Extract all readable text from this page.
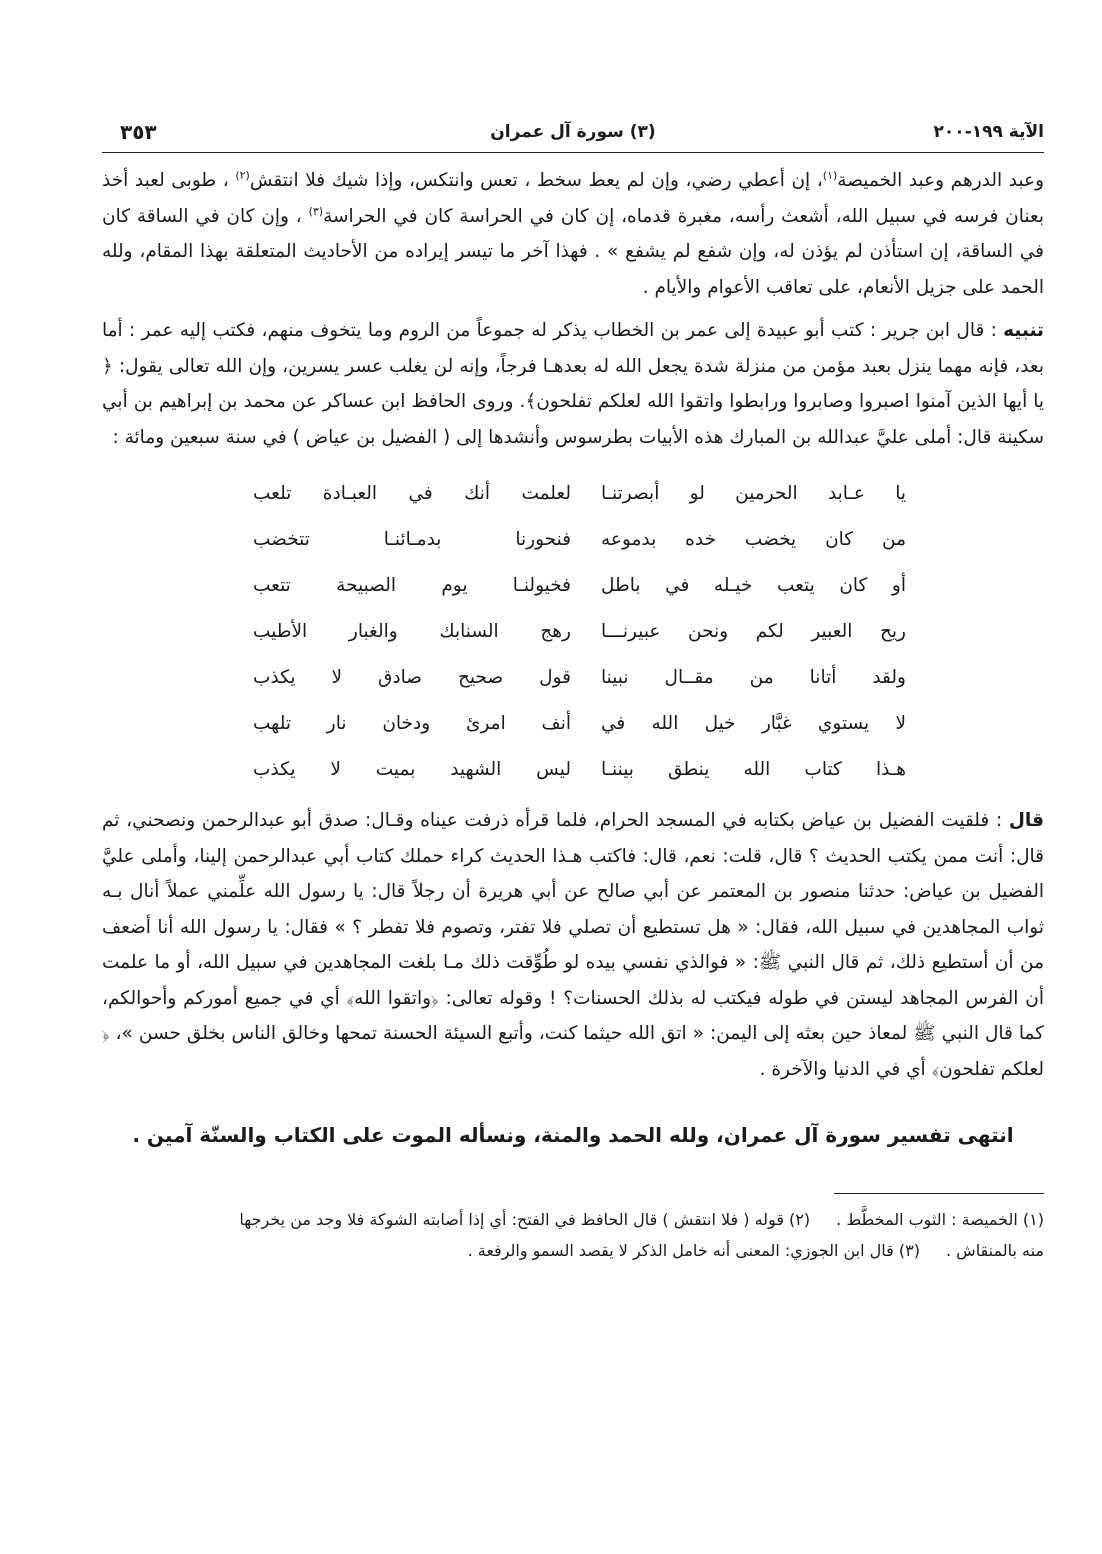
الآية ١٩٩-٢٠٠
(٣) سورة آل عمران
٣٥٣

وعبد الدرهم وعبد الخميصة$^{(١)}$، إن أعطي رضي، وإن لم يعط سخط ، تعس وانتكس، وإذا شيك فلا انتقش$^{(٢)}$ ، طوبى لعبد أخذ بعنان فرسه في سبيل الله، أشعث رأسه، مغبرة قدماه، إن كان في الحراسة كان في الحراسة$^{(٣)}$ ، وإن كان في الساقة كان في الساقة، إن استأذن لم يؤذن له، وإن شفع لم يشفع » . فهذا آخر ما تيسر إيراده من الأحاديث المتعلقة بهذا المقام، ولله الحمد على جزيل الأنعام، على تعاقب الأعوام والأيام .

تنبيه : قال ابن جرير : كتب أبو عبيدة إلى عمر بن الخطاب يذكر له جموعاً من الروم وما يتخوف منهم، فكتب إليه عمر : أما بعد، فإنه مهما ينزل بعبد مؤمن من منزلة شدة يجعل الله له بعدهـا فرجاً، وإنه لن يغلب عسر يسرين، وإن الله تعالى يقول: ﴿ يا أيها الذين آمنوا اصبروا وصابروا ورابطوا واتقوا الله لعلكم تفلحون﴾. وروى الحافظ ابن عساكر عن محمد بن إبراهيم بن أبي سكينة قال: أملى عليَّ عبدالله بن المبارك هذه الأبيات بطرسوس وأنشدها إلى ( الفضيل بن عياض ) في سنة سبعين ومائة :

يا عـابد الحرمين لو أبصرتنـا
لعلمت أنك في العبـادة تلعب
من كان يخضب خده بدموعه
فنحورنا بدمـائنـا تتخضب
أو كان يتعب خيـله في باطل
فخيولنـا يوم الصبيحة تتعب
ريح العبير لكم ونحن عبيرنـــا
رهج السنابك والغبار الأطيب
ولقد أتانا من مقــال نبينا
قول صحيح صادق لا يكذب
لا يستوي غبَّار خيل الله في
أنف امرئ ودخان نار تلهب
هـذا كتاب الله ينطق بيننـا
ليس الشهيد بميت لا يكذب

قال : فلقيت الفضيل بن عياض بكتابه في المسجد الحرام، فلما قرأه ذرفت عيناه وقـال: صدق أبو عبدالرحمن ونصحني، ثم قال: أنت ممن يكتب الحديث ؟ قال، قلت: نعم، قال: فاكتب هـذا الحديث كراء حملك كتاب أبي عبدالرحمن إلينا، وأملى عليَّ الفضيل بن عياض: حدثنا منصور بن المعتمر عن أبي صالح عن أبي هريرة أن رجلاً قال: يا رسول الله علِّمني عملاً أنال بـه ثواب المجاهدين في سبيل الله، فقال: « هل تستطيع أن تصلي فلا تفتر، وتصوم فلا تفطر ؟ » فقال: يا رسول الله أنا أضعف من أن أستطيع ذلك، ثم قال النبي ﷺ: « فوالذي نفسي بيده لو طُوِّقت ذلك مـا بلغت المجاهدين في سبيل الله، أو ما علمت أن الفرس المجاهد ليستن في طوله فيكتب له بذلك الحسنات؟ ! وقوله تعالى: ﴿واتقوا الله﴾ أي في جميع أموركم وأحوالكم، كما قال النبي ﷺ لمعاذ حين بعثه إلى اليمن: « اتق الله حيثما كنت، وأتبع السيئة الحسنة تمحها وخالق الناس بخلق حسن »، ﴿ لعلكم تفلحون﴾ أي في الدنيا والآخرة .

انتهى تفسير سورة آل عمران، ولله الحمد والمنة، ونسأله الموت على الكتاب والسنّة آمين .

(١) الخميصة : الثوب المخطَّط .(٢) قوله ( فلا انتقش ) قال الحافظ في الفتح: أي إذا أصابته الشوكة فلا وجد من يخرجها
منه بالمنقاش .(٣) قال ابن الجوزي: المعنى أنه خامل الذكر لا يقصد السمو والرفعة .
